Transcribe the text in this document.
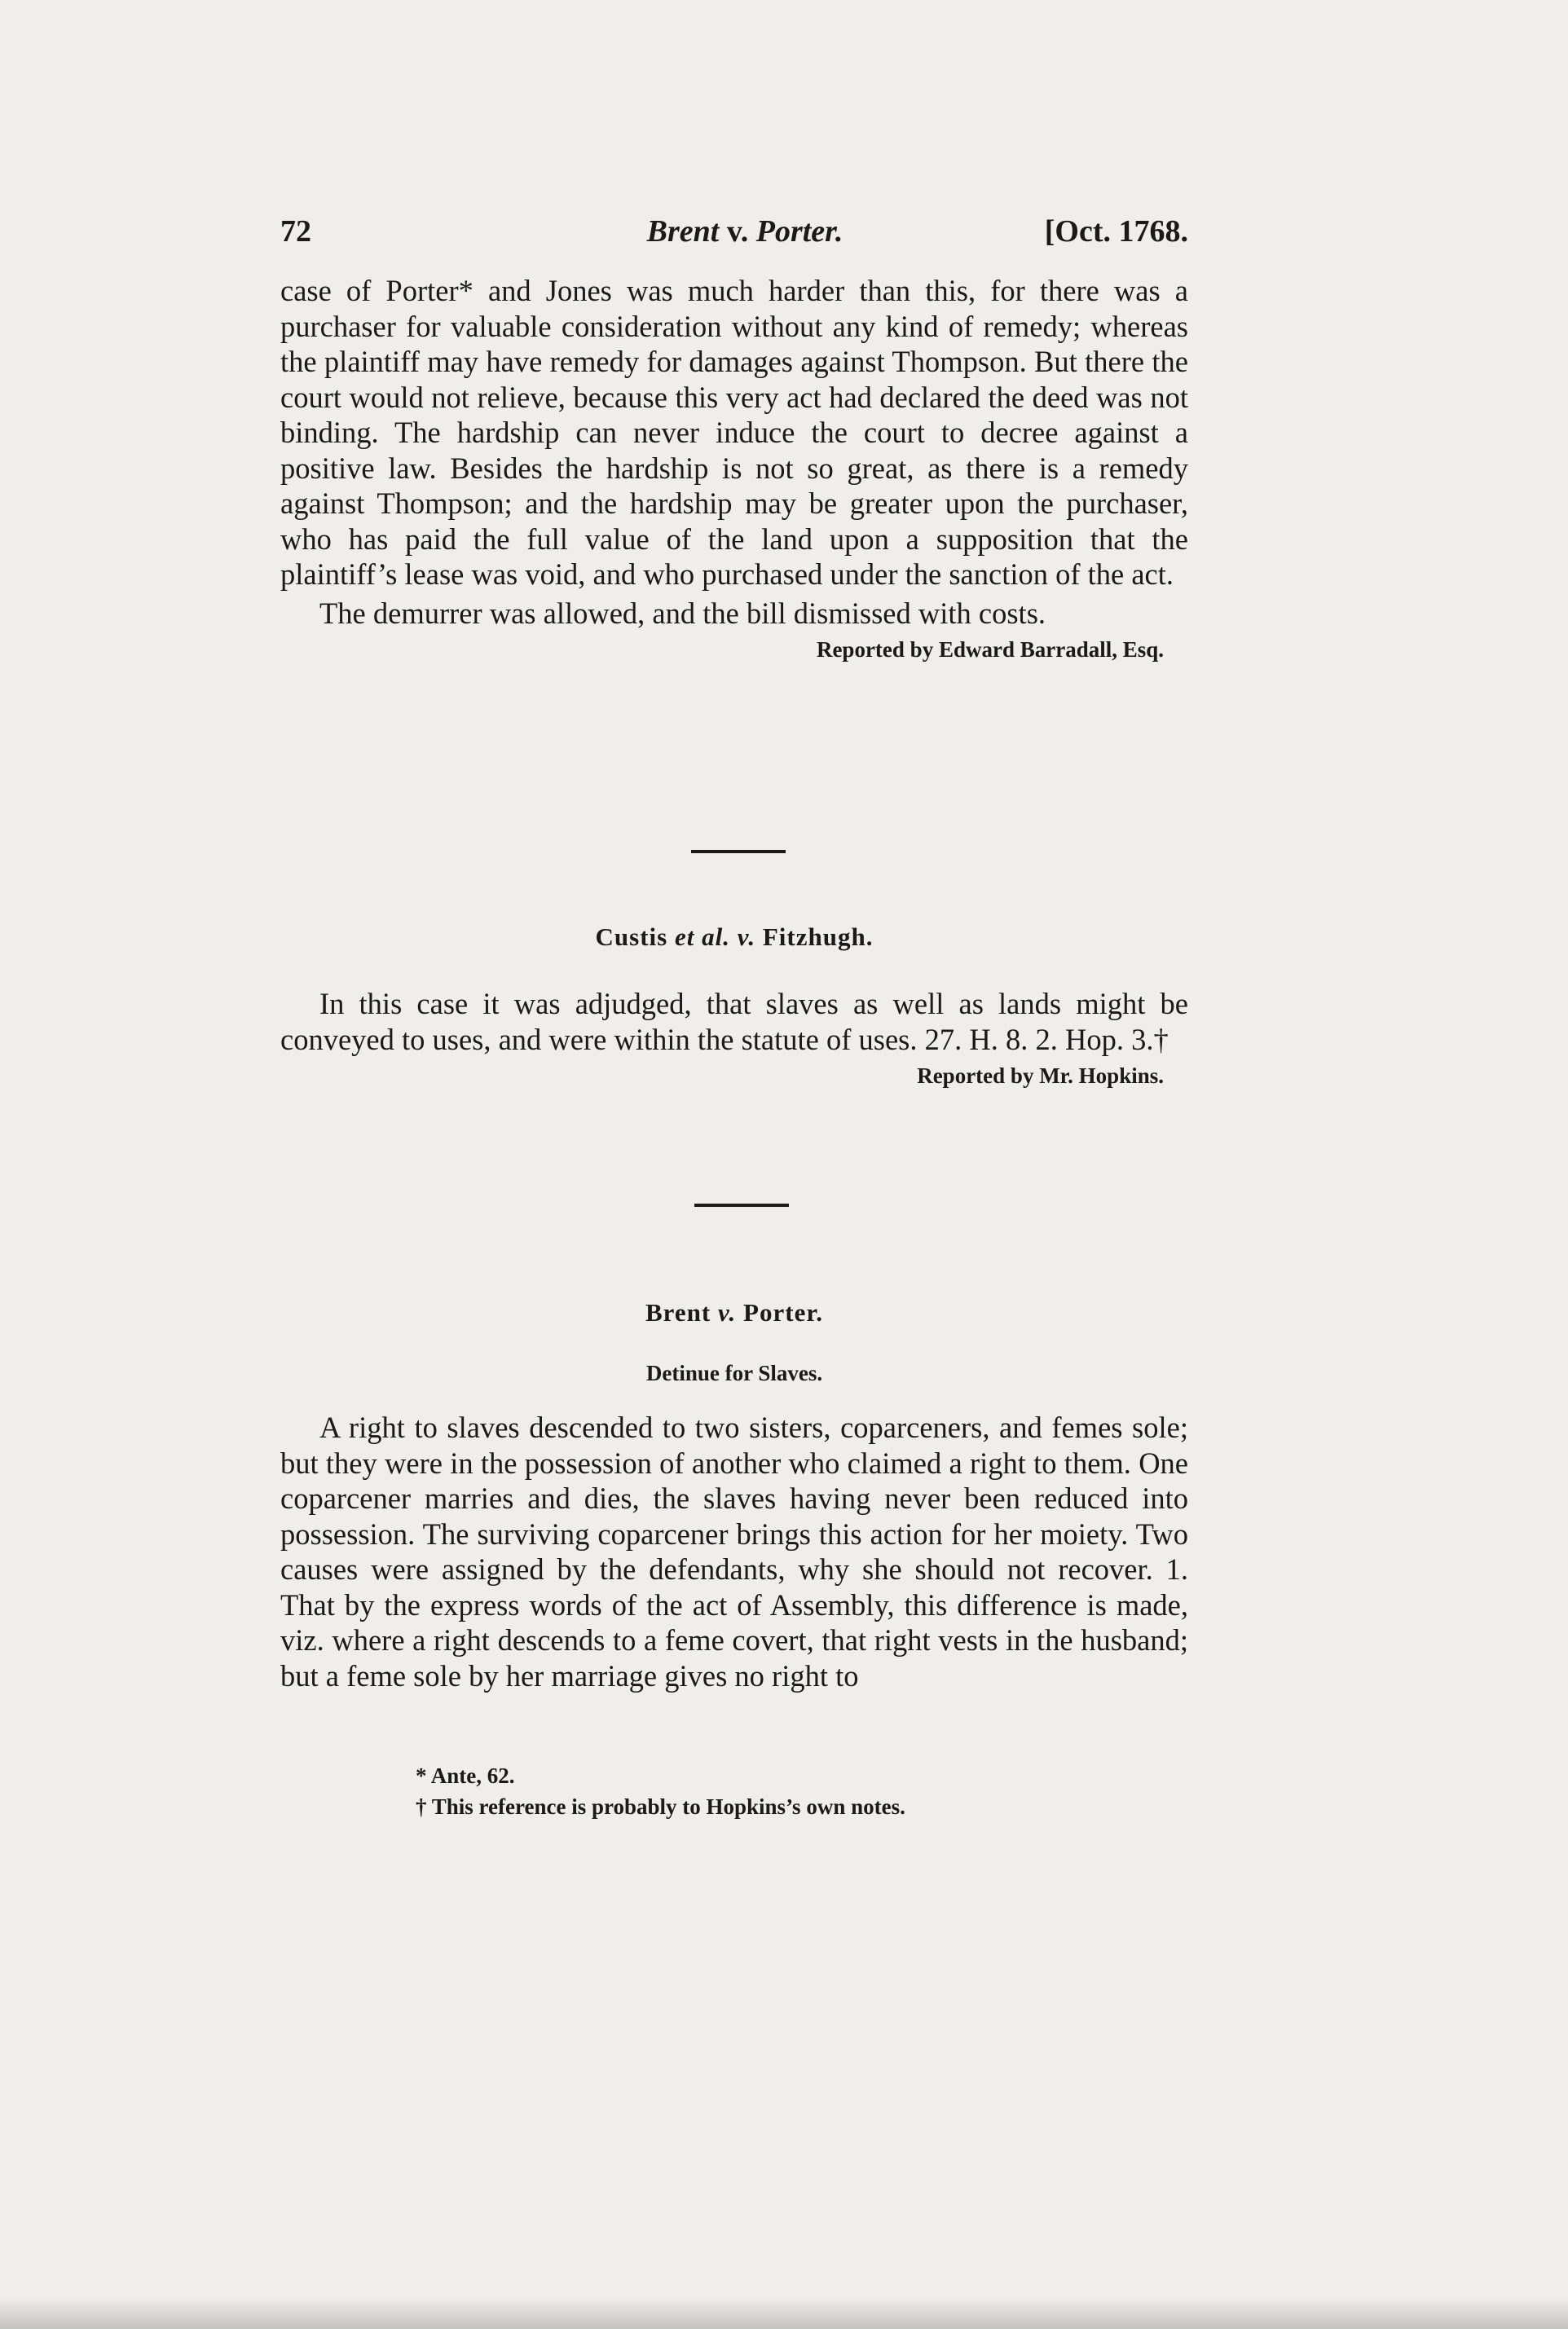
72	Brent v. Porter.	[Oct. 1768.

case of Porter* and Jones was much harder than this, for there was a purchaser for valuable consideration without any kind of remedy; whereas the plaintiff may have remedy for damages against Thompson. But there the court would not relieve, because this very act had declared the deed was not binding. The hardship can never induce the court to decree against a positive law. Besides the hardship is not so great, as there is a remedy against Thompson; and the hardship may be greater upon the purchaser, who has paid the full value of the land upon a supposition that the plaintiff’s lease was void, and who purchased under the sanction of the act.

The demurrer was allowed, and the bill dismissed with costs.

Reported by Edward Barradall, Esq.

Custis et al. v. Fitzhugh.

In this case it was adjudged, that slaves as well as lands might be conveyed to uses, and were within the statute of uses. 27. H. 8. 2. Hop. 3.†

Reported by Mr. Hopkins.

Brent v. Porter.
Detinue for Slaves.

A right to slaves descended to two sisters, coparceners, and femes sole; but they were in the possession of another who claimed a right to them. One coparcener marries and dies, the slaves having never been reduced into possession. The surviving coparcener brings this action for her moiety. Two causes were assigned by the defendants, why she should not recover. 1. That by the express words of the act of Assembly, this difference is made, viz. where a right descends to a feme covert, that right vests in the husband; but a feme sole by her marriage gives no right to

* Ante, 62.
† This reference is probably to Hopkins’s own notes.
